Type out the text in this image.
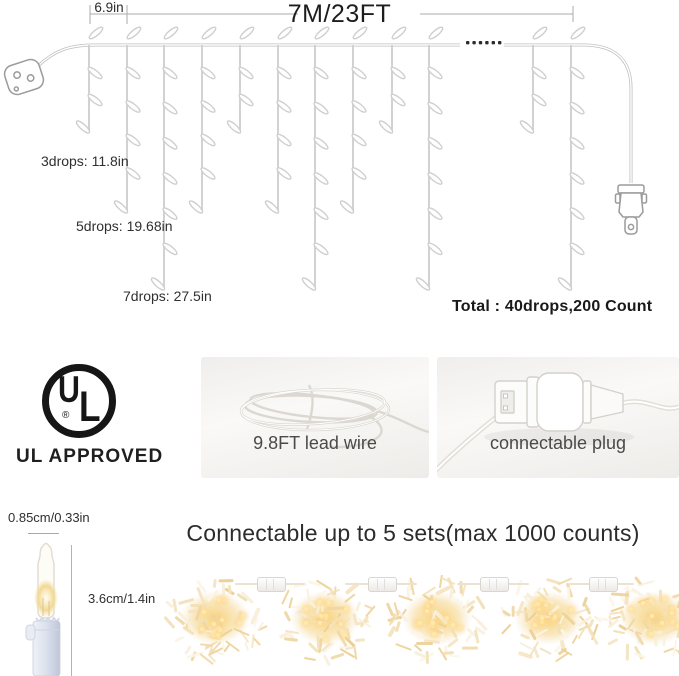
6.9in	7M/23FT
3drops: 11.8in
5drops: 19.68in
7drops: 27.5in
Total : 40drops,200 Count
U L
®
UL APPROVED
9.8FT lead wire	connectable plug
0.85cm/0.33in
3.6cm/1.4in
Connectable up to 5 sets(max 1000 counts)
